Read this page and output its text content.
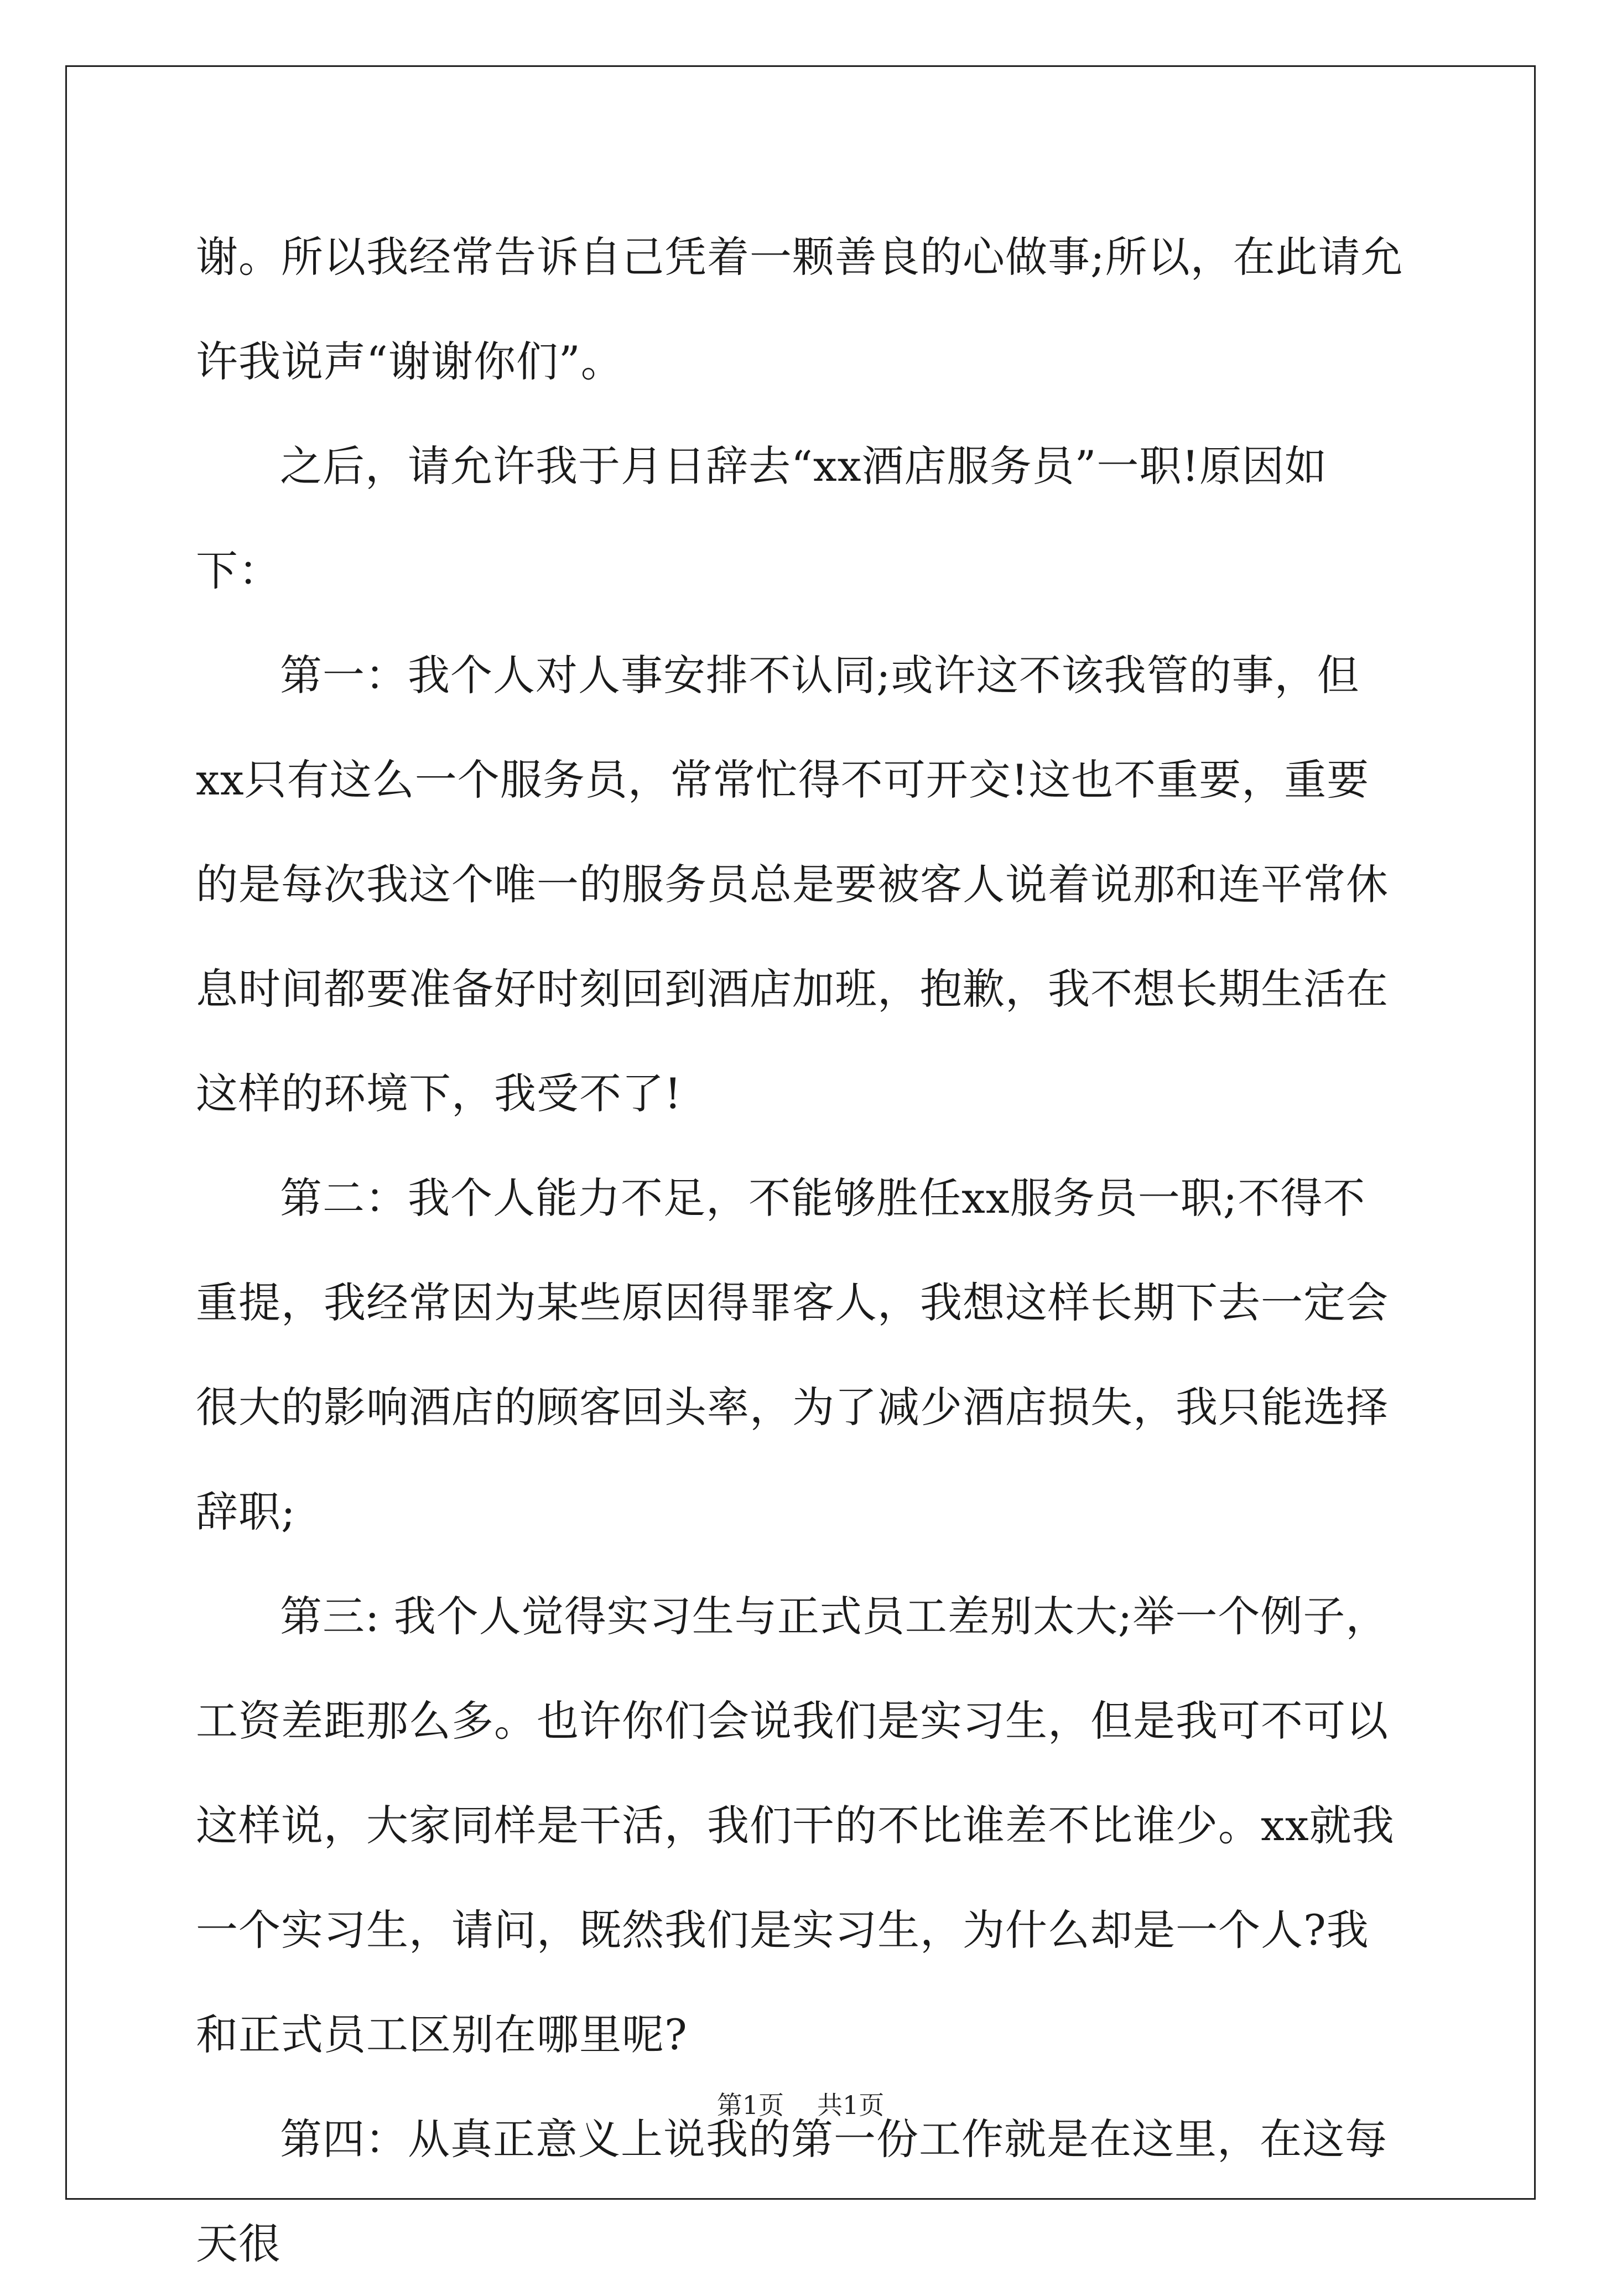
谢。所以我经常告诉自己凭着一颗善良的心做事;所以，在此请允许我说声“谢谢你们”。

之后，请允许我于月日辞去“xx酒店服务员”一职!原因如下：

第一：我个人对人事安排不认同;或许这不该我管的事，但xx只有这么一个服务员，常常忙得不可开交!这也不重要，重要的是每次我这个唯一的服务员总是要被客人说着说那和连平常休息时间都要准备好时刻回到酒店加班，抱歉，我不想长期生活在这样的环境下，我受不了!

第二：我个人能力不足，不能够胜任xx服务员一职;不得不重提，我经常因为某些原因得罪客人，我想这样长期下去一定会很大的影响酒店的顾客回头率，为了减少酒店损失，我只能选择辞职;

第三: 我个人觉得实习生与正式员工差别太大;举一个例子，工资差距那么多。也许你们会说我们是实习生，但是我可不可以这样说，大家同样是干活，我们干的不比谁差不比谁少。xx就我一个实习生，请问，既然我们是实习生，为什么却是一个人?我和正式员工区别在哪里呢?

第四：从真正意义上说我的第一份工作就是在这里，在这每天很

第1页 共1页
